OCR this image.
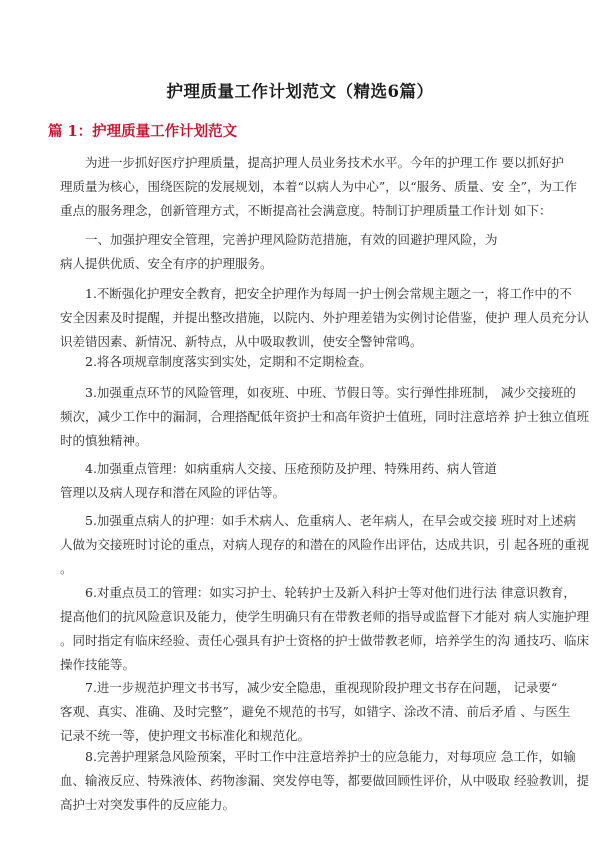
护理质量工作计划范文（精选6篇）
篇 1：护理质量工作计划范文
为进一步抓好医疗护理质量，提高护理人员业务技术水平。今年的护理工作 要以抓好护
理质量为核心，围绕医院的发展规划，本着“以病人为中心”，以“服务、质量、安 全”，为工作
重点的服务理念，创新管理方式，不断提高社会满意度。特制订护理质量工作计划 如下：
一、加强护理安全管理，完善护理风险防范措施，有效的回避护理风险，为
病人提供优质、安全有序的护理服务。
1.不断强化护理安全教育，把安全护理作为每周一护士例会常规主题之一，将工作中的不
安全因素及时提醒，并提出整改措施，以院内、外护理差错为实例讨论借鉴，使护 理人员充分认
识差错因素、新情况、新特点，从中吸取教训，使安全警钟常鸣。
2.将各项规章制度落实到实处，定期和不定期检查。
3.加强重点环节的风险管理，如夜班、中班、节假日等。实行弹性排班制， 减少交接班的
频次，减少工作中的漏洞，合理搭配低年资护士和高年资护士值班，同时注意培养 护士独立值班
时的慎独精神。
4.加强重点管理：如病重病人交接、压疮预防及护理、特殊用药、病人管道
管理以及病人现存和潜在风险的评估等。
5.加强重点病人的护理：如手术病人、危重病人、老年病人，在早会或交接 班时对上述病
人做为交接班时讨论的重点，对病人现存的和潜在的风险作出评估，达成共识，引 起各班的重视
。
6.对重点员工的管理：如实习护士、轮转护士及新入科护士等对他们进行法 律意识教育，
提高他们的抗风险意识及能力，使学生明确只有在带教老师的指导或监督下才能对 病人实施护理
。同时指定有临床经验、责任心强具有护士资格的护士做带教老师，培养学生的沟 通技巧、临床
操作技能等。
7.进一步规范护理文书书写，减少安全隐患，重视现阶段护理文书存在问题， 记录要“
客观、真实、准确、及时完整”，避免不规范的书写，如错字、涂改不清、前后矛盾 、与医生
记录不统一等，使护理文书标准化和规范化。
8.完善护理紧急风险预案，平时工作中注意培养护士的应急能力，对每项应 急工作，如输
血、输液反应、特殊液体、药物渗漏、突发停电等，都要做回顾性评价，从中吸取 经验教训，提
高护士对突发事件的反应能力。
